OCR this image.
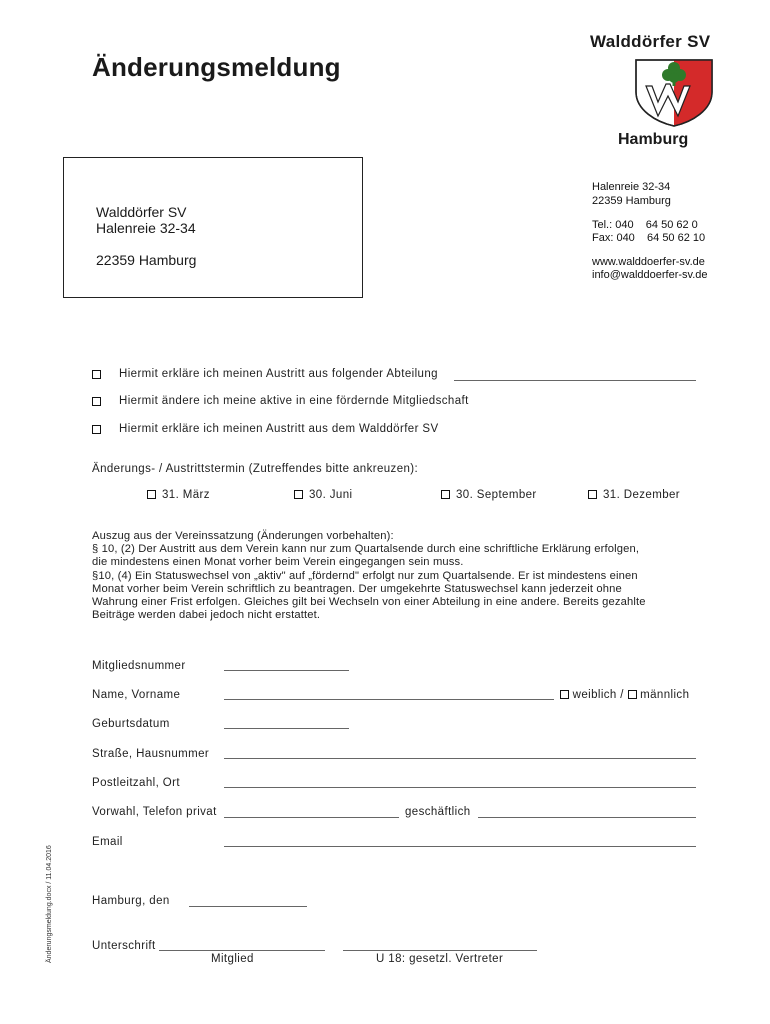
Änderungsmeldung
Walddörfer SV
Hamburg
Walddörfer SV
Halenreie 32-34
22359 Hamburg
Halenreie 32-34
22359 Hamburg
Tel.: 040    64 50 62 0
Fax: 040    64 50 62 10
www.walddoerfer-sv.de
info@walddoerfer-sv.de
Hiermit erkläre ich meinen Austritt aus folgender Abteilung
Hiermit ändere ich meine aktive in eine fördernde Mitgliedschaft
Hiermit erkläre ich meinen Austritt aus dem Walddörfer SV
Änderungs- / Austrittstermin (Zutreffendes bitte ankreuzen):
31. März	30. Juni	30. September	31. Dezember
Auszug aus der Vereinssatzung (Änderungen vorbehalten):
§ 10, (2) Der Austritt aus dem Verein kann nur zum Quartalsende durch eine schriftliche Erklärung erfolgen,
die mindestens einen Monat vorher beim Verein eingegangen sein muss.
§10, (4) Ein Statuswechsel von „aktiv" auf „fördernd" erfolgt nur zum Quartalsende. Er ist mindestens einen
Monat vorher beim Verein schriftlich zu beantragen. Der umgekehrte Statuswechsel kann jederzeit ohne
Wahrung einer Frist erfolgen. Gleiches gilt bei Wechseln von einer Abteilung in eine andere. Bereits gezahlte
Beiträge werden dabei jedoch nicht erstattet.
Mitgliedsnummer
Name, Vorname	weiblich / männlich
Geburtsdatum
Straße, Hausnummer
Postleitzahl, Ort
Vorwahl, Telefon privat	geschäftlich
Email
Änderungsmeldung.docx / 11.04.2016	Hamburg, den
Unterschrift
Mitglied	U 18: gesetzl. Vertreter
